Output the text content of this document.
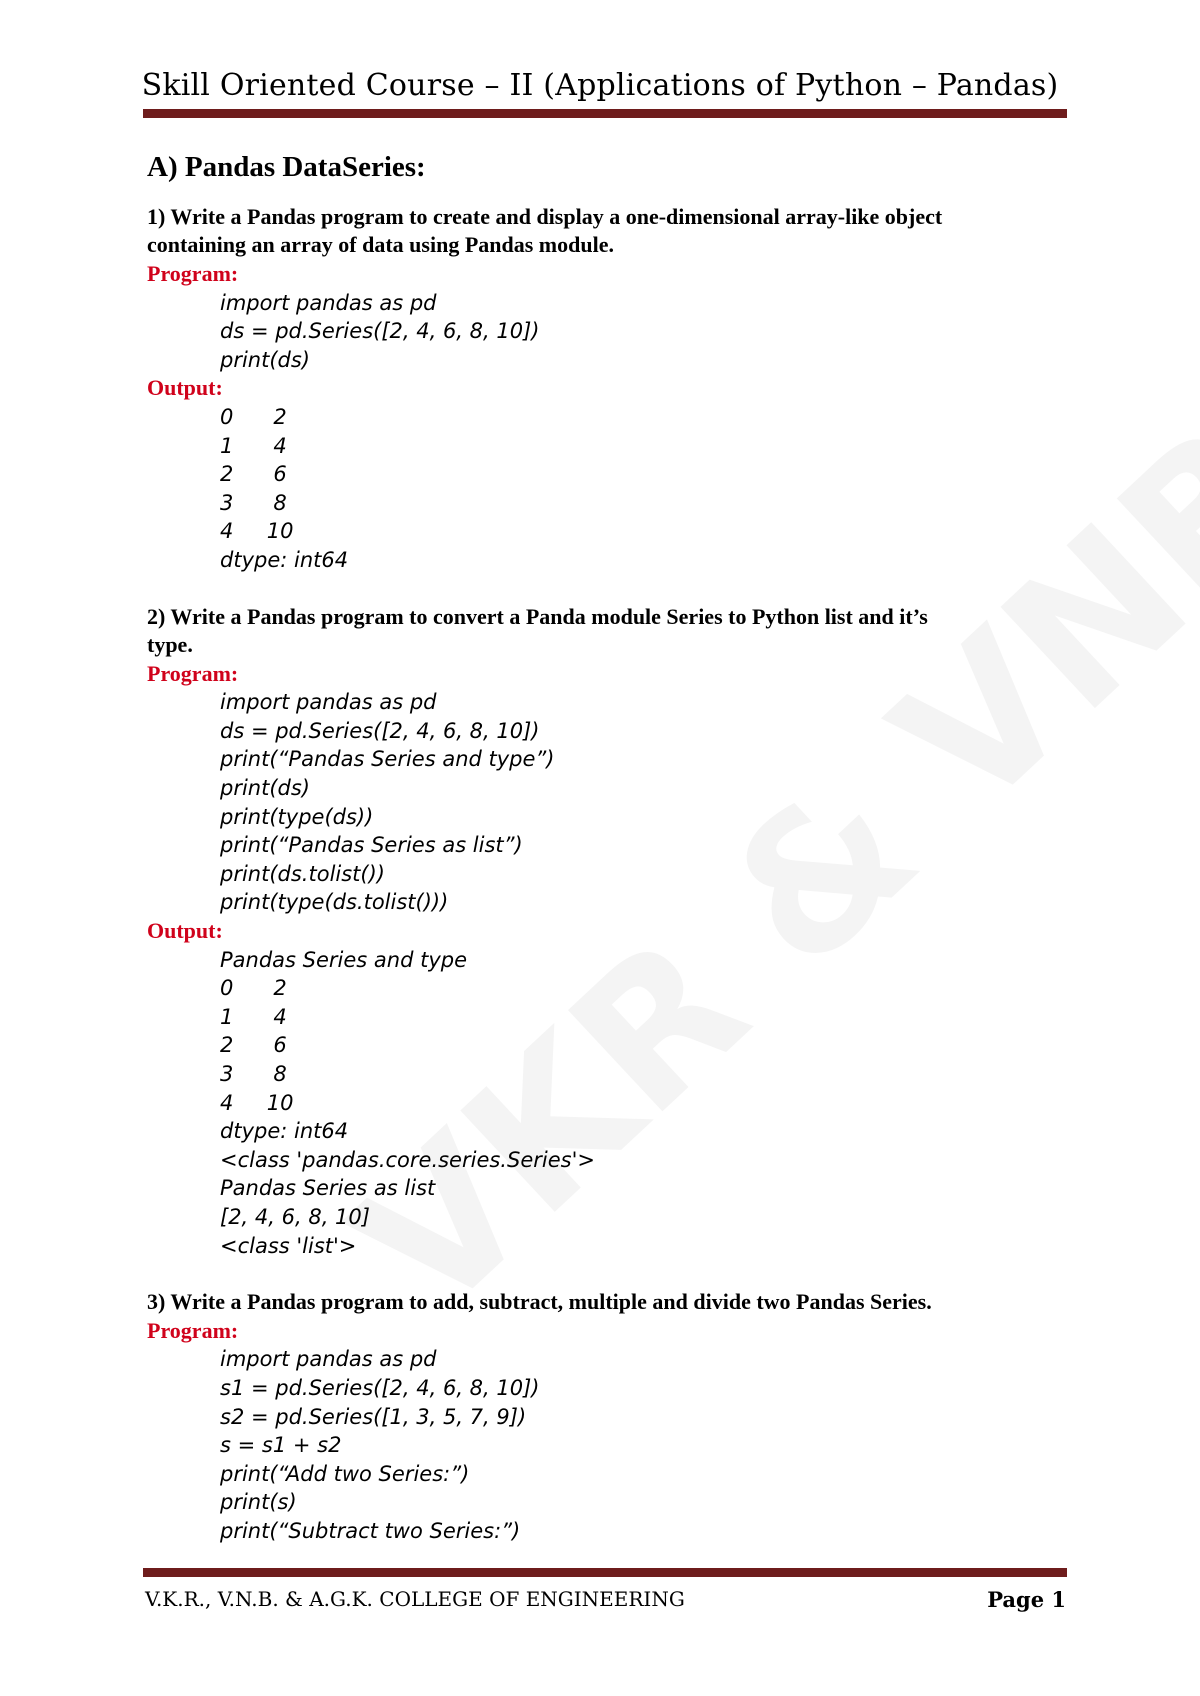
Skill Oriented Course – II (Applications of Python – Pandas)
A) Pandas DataSeries:
1) Write a Pandas program to create and display a one-dimensional array-like object
containing an array of data using Pandas module.
Program:
import pandas as pd
ds = pd.Series([2, 4, 6, 8, 10])
print(ds)
Output:
0      2
1      4
2      6
3      8
4     10
dtype: int64
2) Write a Pandas program to convert a Panda module Series to Python list and it’s
type.
Program:
import pandas as pd
ds = pd.Series([2, 4, 6, 8, 10])
print(“Pandas Series and type”)
print(ds)
print(type(ds))
print(“Pandas Series as list”)
print(ds.tolist())
print(type(ds.tolist()))
Output:
Pandas Series and type
0      2
1      4
2      6
3      8
4     10
dtype: int64
<class 'pandas.core.series.Series'>
Pandas Series as list
[2, 4, 6, 8, 10]
<class 'list'>
3) Write a Pandas program to add, subtract, multiple and divide two Pandas Series.
Program:
import pandas as pd
s1 = pd.Series([2, 4, 6, 8, 10])
s2 = pd.Series([1, 3, 5, 7, 9])
s = s1 + s2
print(“Add two Series:”)
print(s)
print(“Subtract two Series:”)
V.K.R., V.N.B. & A.G.K. COLLEGE OF ENGINEERING	Page 1
